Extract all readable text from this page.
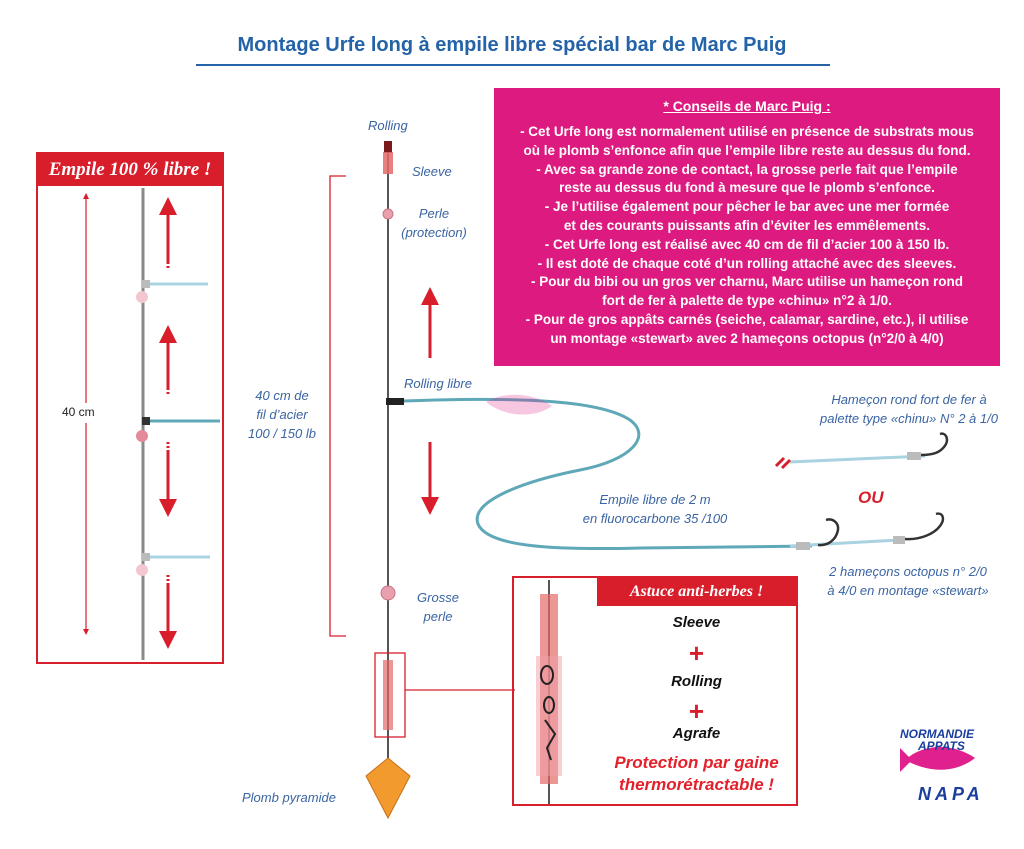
Montage Urfe long à empile libre spécial bar de Marc Puig
* Conseils de Marc Puig :
- Cet Urfe long est normalement utilisé en présence de substrats mous
où le plomb s’enfonce afin que l’empile libre reste au dessus du fond.
- Avec sa grande zone de contact, la grosse perle fait que l’empile
reste au dessus du fond à mesure que le plomb s’enfonce.
- Je l’utilise également pour pêcher le bar avec une mer formée
et des courants puissants afin d’éviter les emmêlements.
- Cet Urfe long est réalisé avec 40 cm de fil d’acier 100 à 150 lb.
- Il est doté de chaque coté d’un rolling attaché avec des sleeves.
- Pour du bibi ou un gros ver charnu, Marc utilise un hameçon rond
fort de fer à palette de type «chinu» n°2 à 1/0.
- Pour de gros appâts carnés (seiche, calamar, sardine, etc.), il utilise
un montage «stewart» avec 2 hameçons octopus (n°2/0 à 4/0)
Empile 100 % libre !
40 cm
Rolling
Sleeve
Perle
(protection)
40 cm de
fil d’acier
100 / 150 lb
Rolling libre
Grosse
perle
Plomb pyramide
Empile libre de 2 m
en fluorocarbone 35 /100
Hameçon rond fort de fer à
palette type «chinu» N° 2 à 1/0
OU
2 hameçons octopus n° 2/0
à 4/0 en montage «stewart»
Astuce anti-herbes !
Sleeve
+
Rolling
+
Agrafe
Protection par gaine
thermorétractable !
NORMANDIE
APPATS
NAPA
